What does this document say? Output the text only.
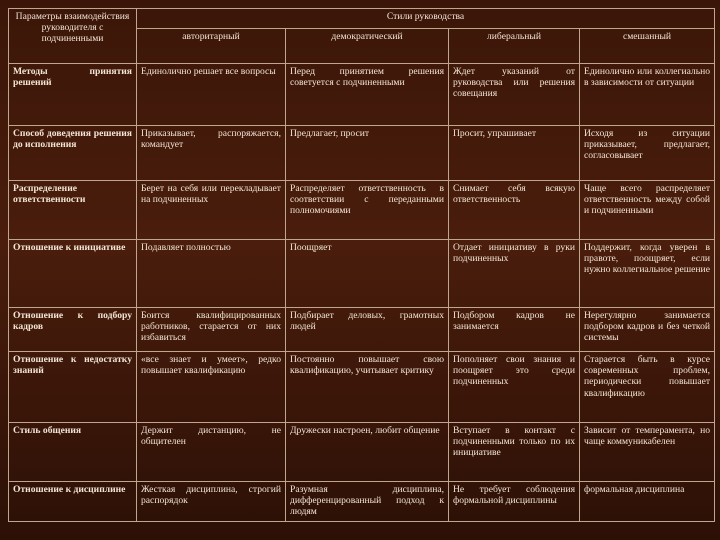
Параметры взаимодействия руководителя с подчиненными	Стили руководства			
	авторитарный	демократический	либеральный	смешанный
Методы принятия решений	Единолично решает все вопросы	Перед принятием решения советуется с подчиненными	Ждет указаний от руководства или решения совещания	Единолично или коллегиально в зависимости от ситуации
Способ доведения решения до исполнения	Приказывает, распоряжается, командует	Предлагает, просит	Просит, упрашивает	Исходя из ситуации приказывает, предлагает, согласовывает
Распределение ответственности	Берет на себя или перекладывает на подчиненных	Распределяет ответственность в соответствии с переданными полномочиями	Снимает себя всякую ответственность	Чаще всего распределяет ответственность между собой и подчиненными
Отношение к инициативе	Подавляет полностью	Поощряет	Отдает инициативу в руки подчиненных	Поддержит, когда уверен в правоте, поощряет, если нужно коллегиальное решение
Отношение к подбору кадров	Боится квалифицированных работников, старается от них избавиться	Подбирает деловых, грамотных людей	Подбором кадров не занимается	Нерегулярно занимается подбором кадров и без четкой системы
Отношение к недостатку знаний	«все знает и умеет», редко повышает квалификацию	Постоянно повышает свою квалификацию, учитывает критику	Пополняет свои знания и поощряет это среди подчиненных	Старается быть в курсе современных проблем, периодически повышает квалификацию
Стиль общения	Держит дистанцию, не общителен	Дружески настроен, любит общение	Вступает в контакт с подчиненными только по их инициативе	Зависит от темперамента, но чаще коммуникабелен
Отношение к дисциплине	Жесткая дисциплина, строгий распорядок	Разумная дисциплина, дифференцированный подход к людям	Не требует соблюдения формальной дисциплины	формальная дисциплина
